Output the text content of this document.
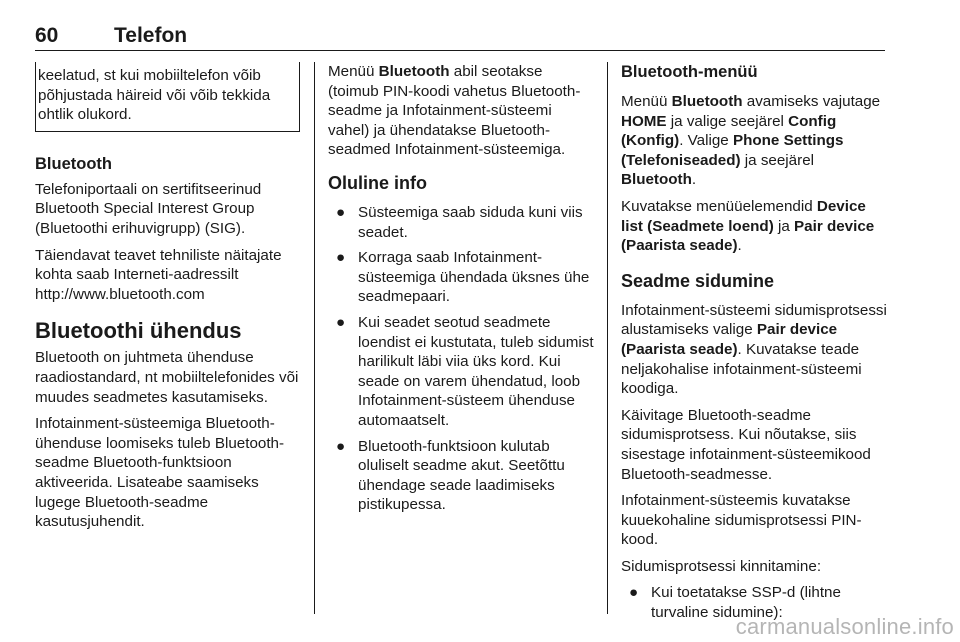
60	Telefon

keelatud, st kui mobiiltelefon võib põhjustada häireid või võib tekkida ohtlik olukord.

Bluetooth

Telefoniportaali on sertifitseerinud Bluetooth Special Interest Group (Bluetoothi erihuvigrupp) (SIG).

Täiendavat teavet tehniliste näitajate kohta saab Interneti-aadressilt http://www.bluetooth.com

Bluetoothi ühendus

Bluetooth on juhtmeta ühenduse raadiostandard, nt mobiiltelefonides või muudes seadmetes kasutamiseks.

Infotainment-süsteemiga Bluetooth-ühenduse loomiseks tuleb Bluetooth-seadme Bluetooth-funktsioon aktiveerida. Lisateabe saamiseks lugege Bluetooth-seadme kasutusjuhendit.

Menüü Bluetooth abil seotakse (toimub PIN-koodi vahetus Bluetooth-seadme ja Infotainment-süsteemi vahel) ja ühendatakse Bluetooth-seadmed Infotainment-süsteemiga.

Oluline info
● Süsteemiga saab siduda kuni viis seadet.
● Korraga saab Infotainment-süsteemiga ühendada üksnes ühe seadmepaari.
● Kui seadet seotud seadmete loendist ei kustutata, tuleb sidumist harilikult läbi viia üks kord. Kui seade on varem ühendatud, loob Infotainment-süsteem ühenduse automaatselt.
● Bluetooth-funktsioon kulutab oluliselt seadme akut. Seetõttu ühendage seade laadimiseks pistikupessa.
Bluetooth-menüü

Menüü Bluetooth avamiseks vajutage HOME ja valige seejärel Config (Konfig). Valige Phone Settings (Telefoniseaded) ja seejärel Bluetooth.

Kuvatakse menüüelemendid Device list (Seadmete loend) ja Pair device (Paarista seade).

Seadme sidumine

Infotainment-süsteemi sidumisprotsessi alustamiseks valige Pair device (Paarista seade). Kuvatakse teade neljakohalise infotainment-süsteemi koodiga.

Käivitage Bluetooth-seadme sidumisprotsess. Kui nõutakse, siis sisestage infotainment-süsteemikood Bluetooth-seadmesse.

Infotainment-süsteemis kuvatakse kuuekohaline sidumisprotsessi PIN-kood.

Sidumisprotsessi kinnitamine:

● Kui toetatakse SSP-d (lihtne turvaline sidumine):
carmanualsonline.info
